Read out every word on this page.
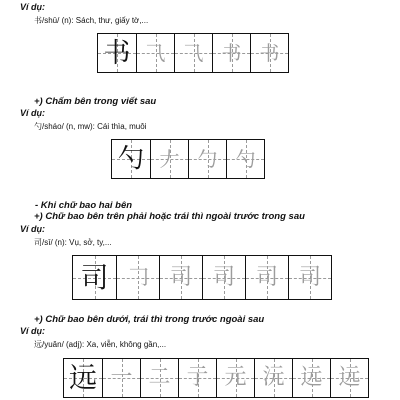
Ví dụ:
书/shū/ (n): Sách, thư, giấy tờ,...
书 ⺄ ⺄ 书 书
+) Chấm bên trong viết sau
Ví dụ:
勺/sháo/ (n, mw): Cái thìa, muôi
勺 𠂇 勹 勺
- Khi chữ bao hai bên
+) Chữ bao bên trên phải hoặc trái thì ngoài trước trong sau
Ví dụ:
司/sī/ (n): Vụ, sở, ty,...
司 𠃌 司 司 司 司
+) Chữ bao bên dưới, trái thì trong trước ngoài sau
Ví dụ:
远/yuǎn/ (adj): Xa, viễn, không gần,...
远 一 二 亍 元 沅 远 远
